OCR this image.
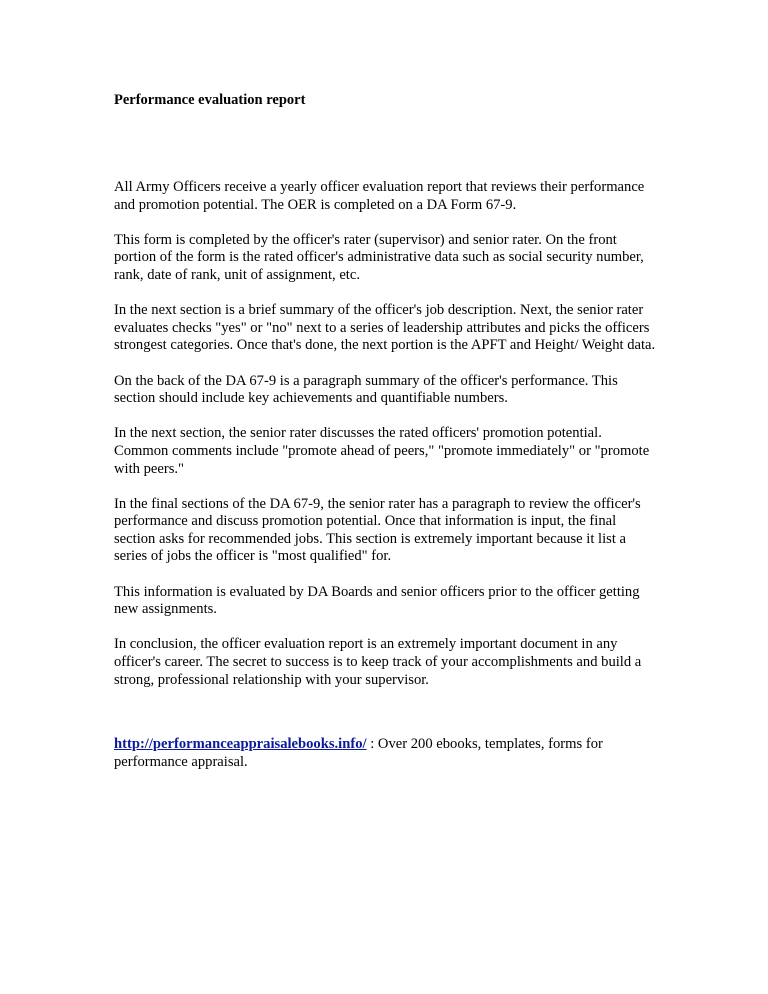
Performance evaluation report

All Army Officers receive a yearly officer evaluation report that reviews their performance and promotion potential. The OER is completed on a DA Form 67-9.

This form is completed by the officer's rater (supervisor) and senior rater. On the front portion of the form is the rated officer's administrative data such as social security number, rank, date of rank, unit of assignment, etc.

In the next section is a brief summary of the officer's job description. Next, the senior rater evaluates checks "yes" or "no" next to a series of leadership attributes and picks the officers strongest categories. Once that's done, the next portion is the APFT and Height/ Weight data.

On the back of the DA 67-9 is a paragraph summary of the officer's performance. This section should include key achievements and quantifiable numbers.

In the next section, the senior rater discusses the rated officers' promotion potential. Common comments include "promote ahead of peers," "promote immediately" or "promote with peers."

In the final sections of the DA 67-9, the senior rater has a paragraph to review the officer's performance and discuss promotion potential. Once that information is input, the final section asks for recommended jobs. This section is extremely important because it list a series of jobs the officer is "most qualified" for.

This information is evaluated by DA Boards and senior officers prior to the officer getting new assignments.

In conclusion, the officer evaluation report is an extremely important document in any officer's career. The secret to success is to keep track of your accomplishments and build a strong, professional relationship with your supervisor.

http://performanceappraisalebooks.info/ : Over 200 ebooks, templates, forms for performance appraisal.
